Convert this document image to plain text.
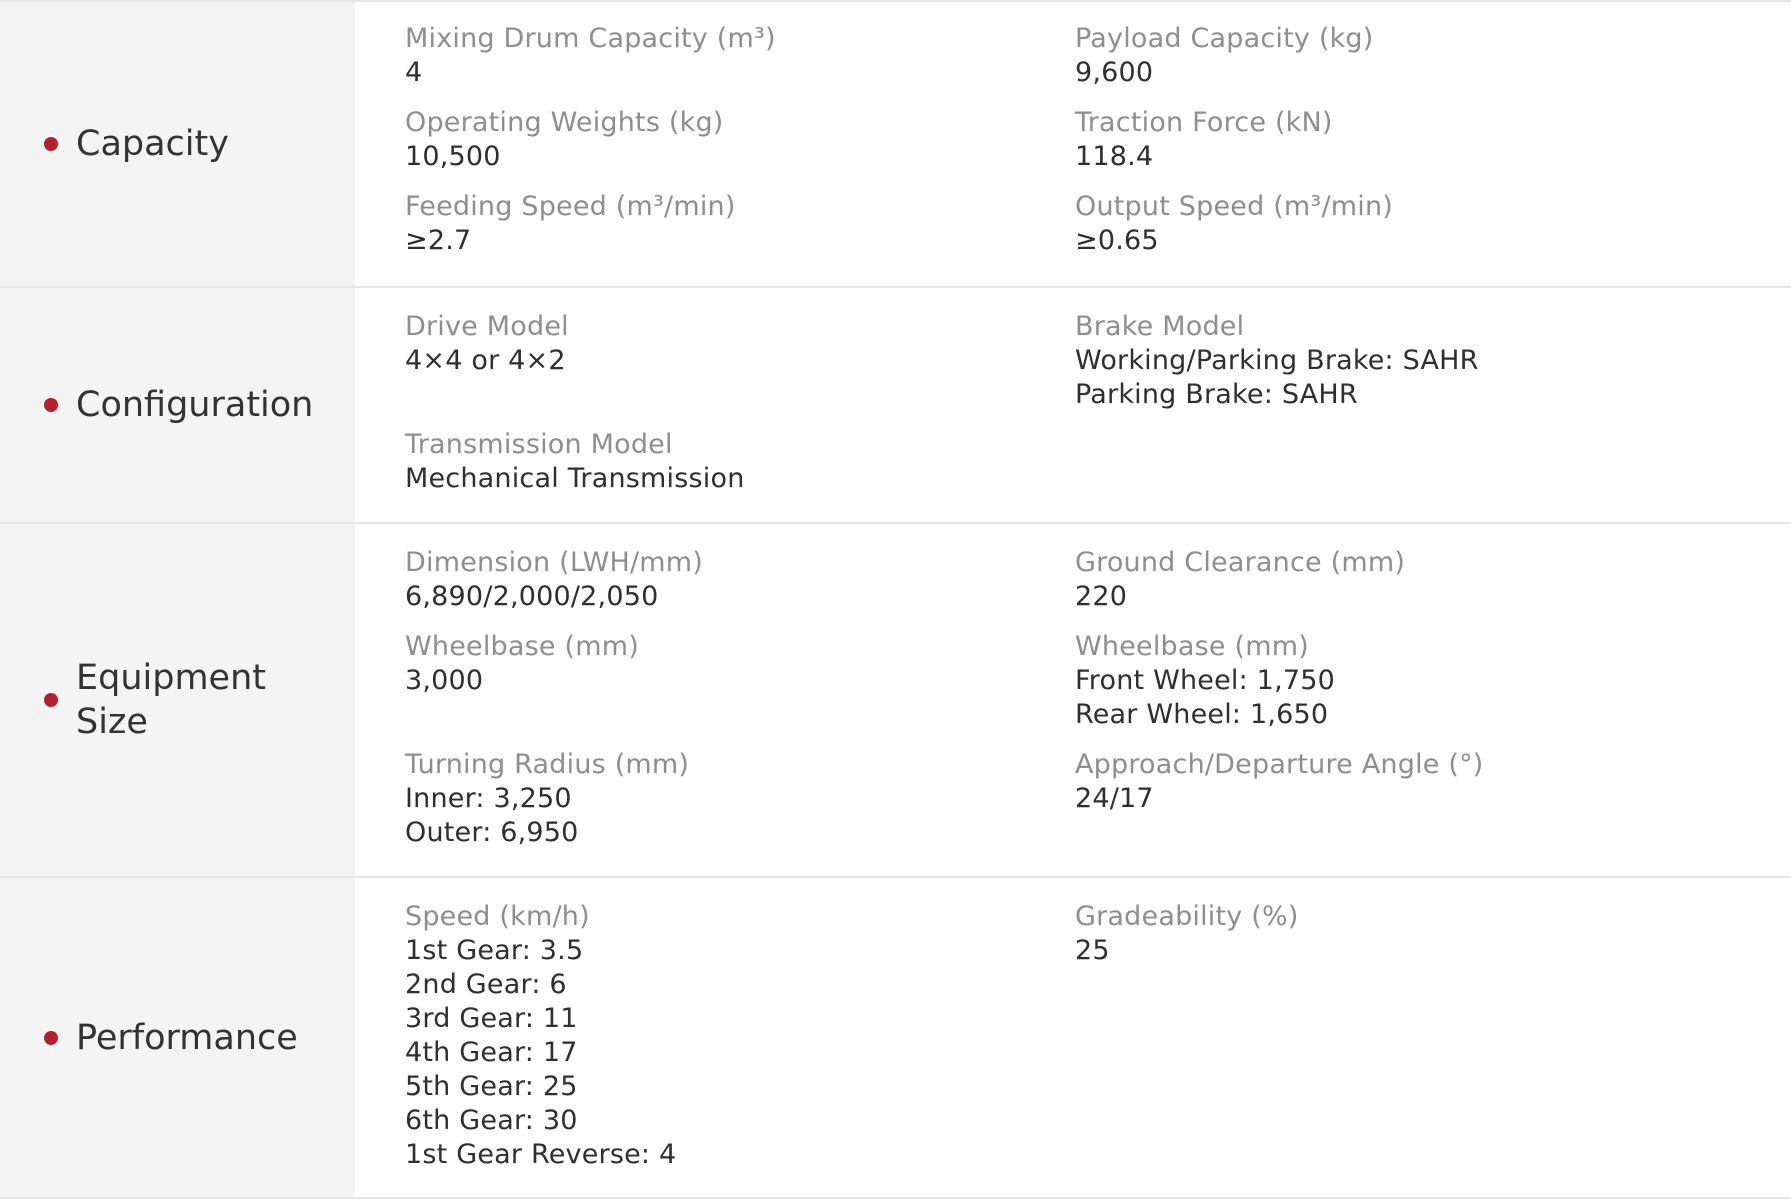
Capacity
Mixing Drum Capacity (m³)
4
Operating Weights (kg)
10,500
Feeding Speed (m³/min)
≥2.7
Payload Capacity (kg)
9,600
Traction Force (kN)
118.4
Output Speed (m³/min)
≥0.65
Configuration
Drive Model
4×4 or 4×2
Transmission Model
Mechanical Transmission
Brake Model
Working/Parking Brake: SAHR
Parking Brake: SAHR
Equipment Size
Dimension (LWH/mm)
6,890/2,000/2,050
Wheelbase (mm)
3,000
Turning Radius (mm)
Inner: 3,250
Outer: 6,950
Ground Clearance (mm)
220
Wheelbase (mm)
Front Wheel: 1,750
Rear Wheel: 1,650
Approach/Departure Angle (°)
24/17
Performance
Speed (km/h)
1st Gear: 3.5
2nd Gear: 6
3rd Gear: 11
4th Gear: 17
5th Gear: 25
6th Gear: 30
1st Gear Reverse: 4
Gradeability (%)
25
